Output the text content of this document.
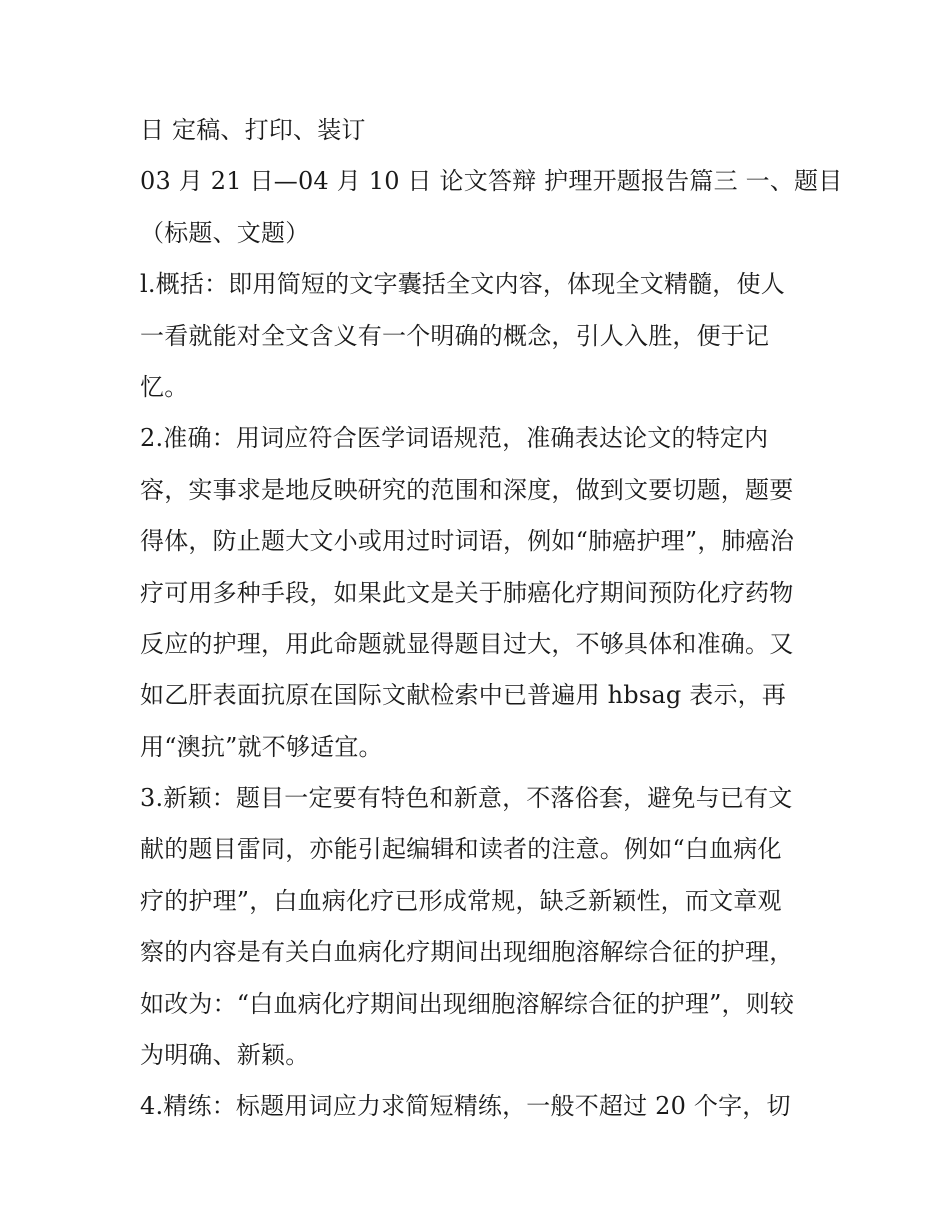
日 定稿、打印、装订
03 月 21 日—04 月 10 日 论文答辩 护理开题报告篇三 一、题目
（标题、文题）
l.概括：即用简短的文字囊括全文内容，体现全文精髓，使人
一看就能对全文含义有一个明确的概念，引人入胜，便于记
忆。
2.准确：用词应符合医学词语规范，准确表达论文的特定内
容，实事求是地反映研究的范围和深度，做到文要切题，题要
得体，防止题大文小或用过时词语，例如“肺癌护理”，肺癌治
疗可用多种手段，如果此文是关于肺癌化疗期间预防化疗药物
反应的护理，用此命题就显得题目过大，不够具体和准确。又
如乙肝表面抗原在国际文献检索中已普遍用 hbsag 表示，再
用“澳抗”就不够适宜。
3.新颖：题目一定要有特色和新意，不落俗套，避免与已有文
献的题目雷同，亦能引起编辑和读者的注意。例如“白血病化
疗的护理”，白血病化疗已形成常规，缺乏新颖性，而文章观
察的内容是有关白血病化疗期间出现细胞溶解综合征的护理，
如改为：“白血病化疗期间出现细胞溶解综合征的护理”，则较
为明确、新颖。
4.精练：标题用词应力求简短精练，一般不超过 20 个字，切
